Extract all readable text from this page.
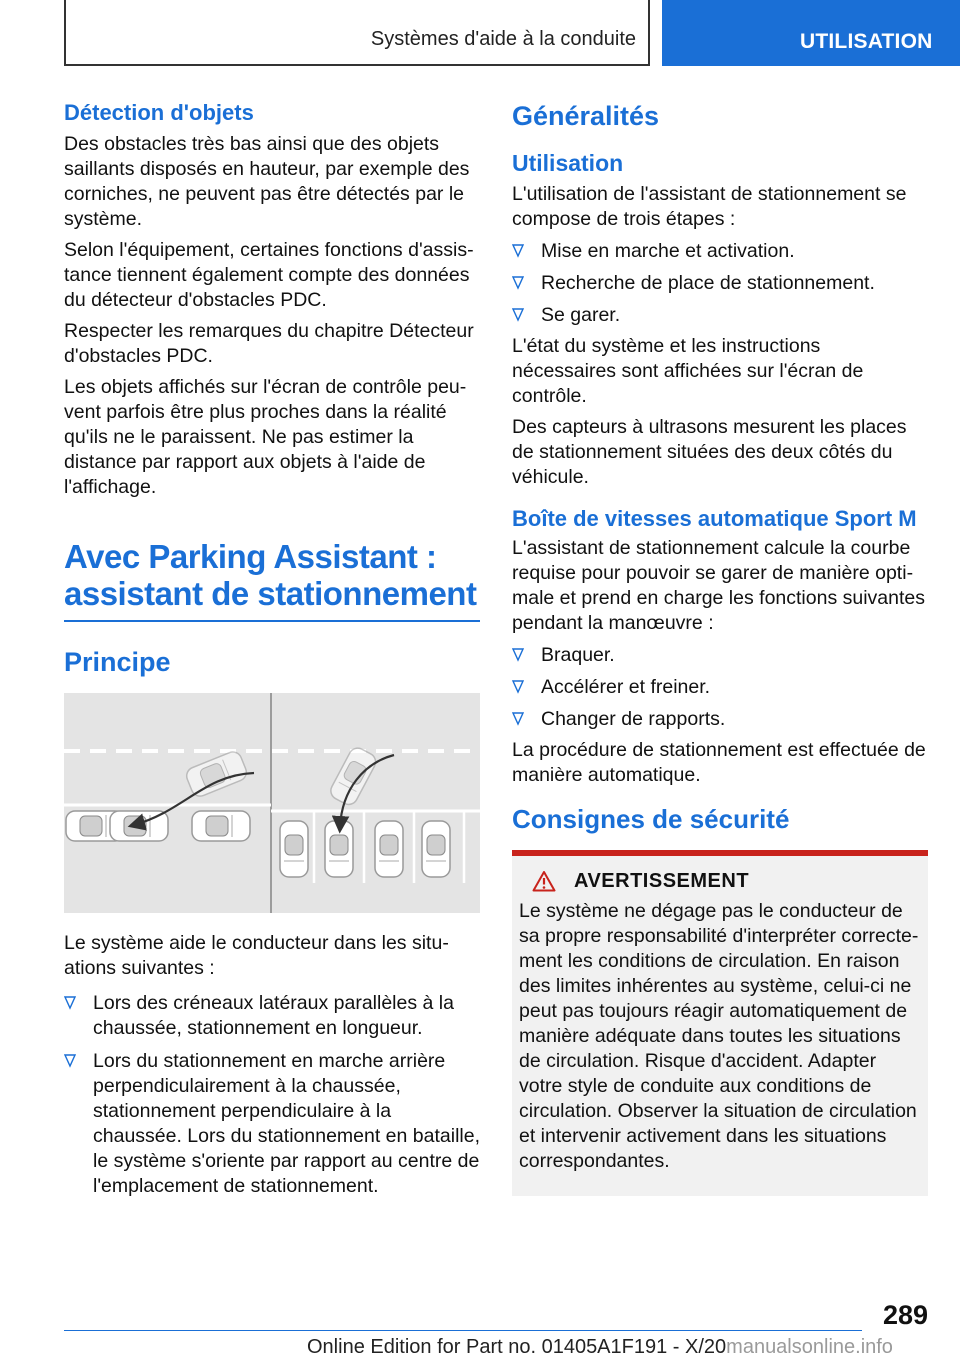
Systèmes d'aide à la conduite	UTILISATION
Détection d'objets

Des obstacles très bas ainsi que des objets saillants disposés en hauteur, par exemple des corniches, ne peuvent pas être détectés par le système.

Selon l'équipement, certaines fonctions d'assistance tiennent également compte des données du détecteur d'obstacles PDC.

Respecter les remarques du chapitre Détecteur d'obstacles PDC.

Les objets affichés sur l'écran de contrôle peuvent parfois être plus proches dans la réalité qu'ils ne le paraissent. Ne pas estimer la distance par rapport aux objets à l'aide de l'affichage.

Avec Parking Assistant : assistant de stationnement
Principe

Le système aide le conducteur dans les situations suivantes :

Lors des créneaux latéraux parallèles à la chaussée, stationnement en longueur.
Lors du stationnement en marche arrière perpendiculairement à la chaussée, stationnement perpendiculaire à la chaussée. Lors du stationnement en bataille, le système s'oriente par rapport au centre de l'emplacement de stationnement.
Généralités
Utilisation

L'utilisation de l'assistant de stationnement se compose de trois étapes :

Mise en marche et activation.
Recherche de place de stationnement.
Se garer.

L'état du système et les instructions nécessaires sont affichées sur l'écran de contrôle.

Des capteurs à ultrasons mesurent les places de stationnement situées des deux côtés du véhicule.

Boîte de vitesses automatique Sport M

L'assistant de stationnement calcule la courbe requise pour pouvoir se garer de manière optimale et prend en charge les fonctions suivantes pendant la manœuvre :

Braquer.
Accélérer et freiner.
Changer de rapports.

La procédure de stationnement est effectuée de manière automatique.

Consignes de sécurité
AVERTISSEMENT

Le système ne dégage pas le conducteur de sa propre responsabilité d'interpréter correctement les conditions de circulation. En raison des limites inhérentes au système, celui-ci ne peut pas toujours réagir automatiquement de manière adéquate dans toutes les situations de circulation. Risque d'accident. Adapter votre style de conduite aux conditions de circulation. Observer la situation de circulation et intervenir activement dans les situations correspondantes.

289
Online Edition for Part no. 01405A1F191 - X/20manualsonline.info
